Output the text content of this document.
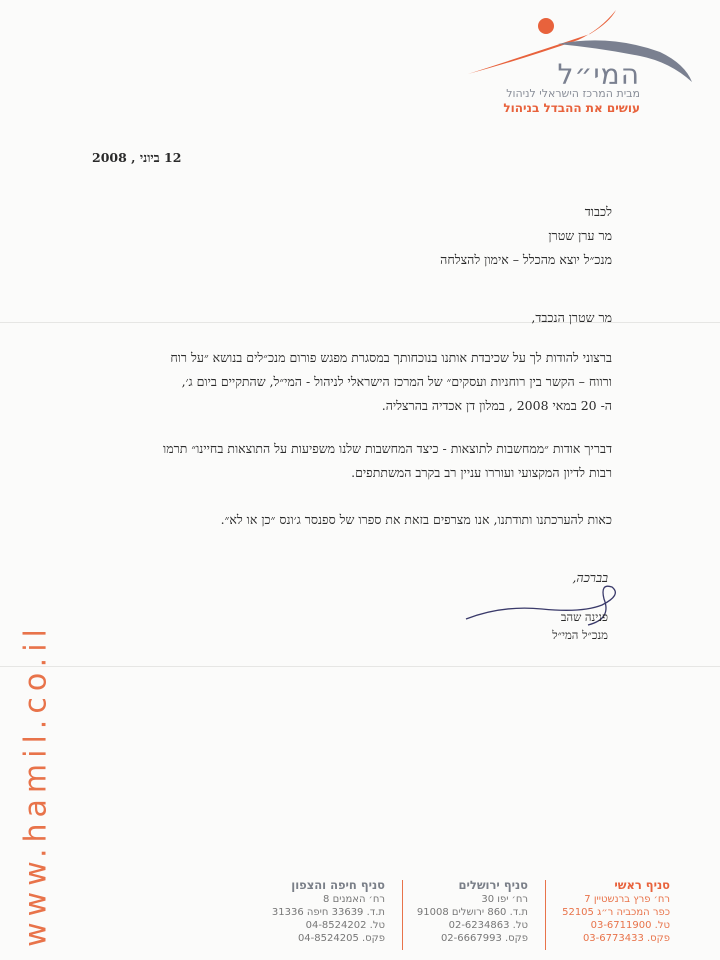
המי״ל
מבית המרכז הישראלי לניהול
עושים את ההבדל בניהול
12 ביוני , 2008
לכבוד
מר ערן שטרן
מנכ״ל יוצא מהכלל – אימון להצלחה
מר שטרן הנכבד,
ברצוני להודות לך על שכיבדת אותנו בנוכחותך במסגרת מפגש פורום מנכ״לים בנושא ״על רוח
ורווח – הקשר בין רוחניות ועסקים״ של המרכז הישראלי לניהול - המי״ל, שהתקיים ביום ג׳,
ה- 20 במאי 2008 , במלון דן אכדיה בהרצליה.
דבריך אודות ״ממחשבות לתוצאות - כיצד המחשבות שלנו משפיעות על התוצאות בחיינו״ תרמו
רבות לדיון המקצועי ועוררו עניין רב בקרב המשתתפים.
כאות להערכתנו ותודתנו, אנו מצרפים בזאת את ספרו של ספנסר ג׳ונס ״כן או לא״.
בברכה,
פנינה שהב
מנכ״ל המי״ל
www.hamil.co.il	סניף ראשי
רח׳ פרץ ברנשטיין 7
כפר המכביה ר״ג 52105
טל. 03-6711900
פקס. 03-6773433
סניף ירושלים
רח׳ יפו 30
ת.ד. 860 ירושלים 91008
טל. 02-6234863
פקס. 02-6667993
סניף חיפה והצפון
רח׳ האמנים 8
ת.ד. 33639 חיפה 31336
טל. 04-8524202
פקס. 04-8524205
